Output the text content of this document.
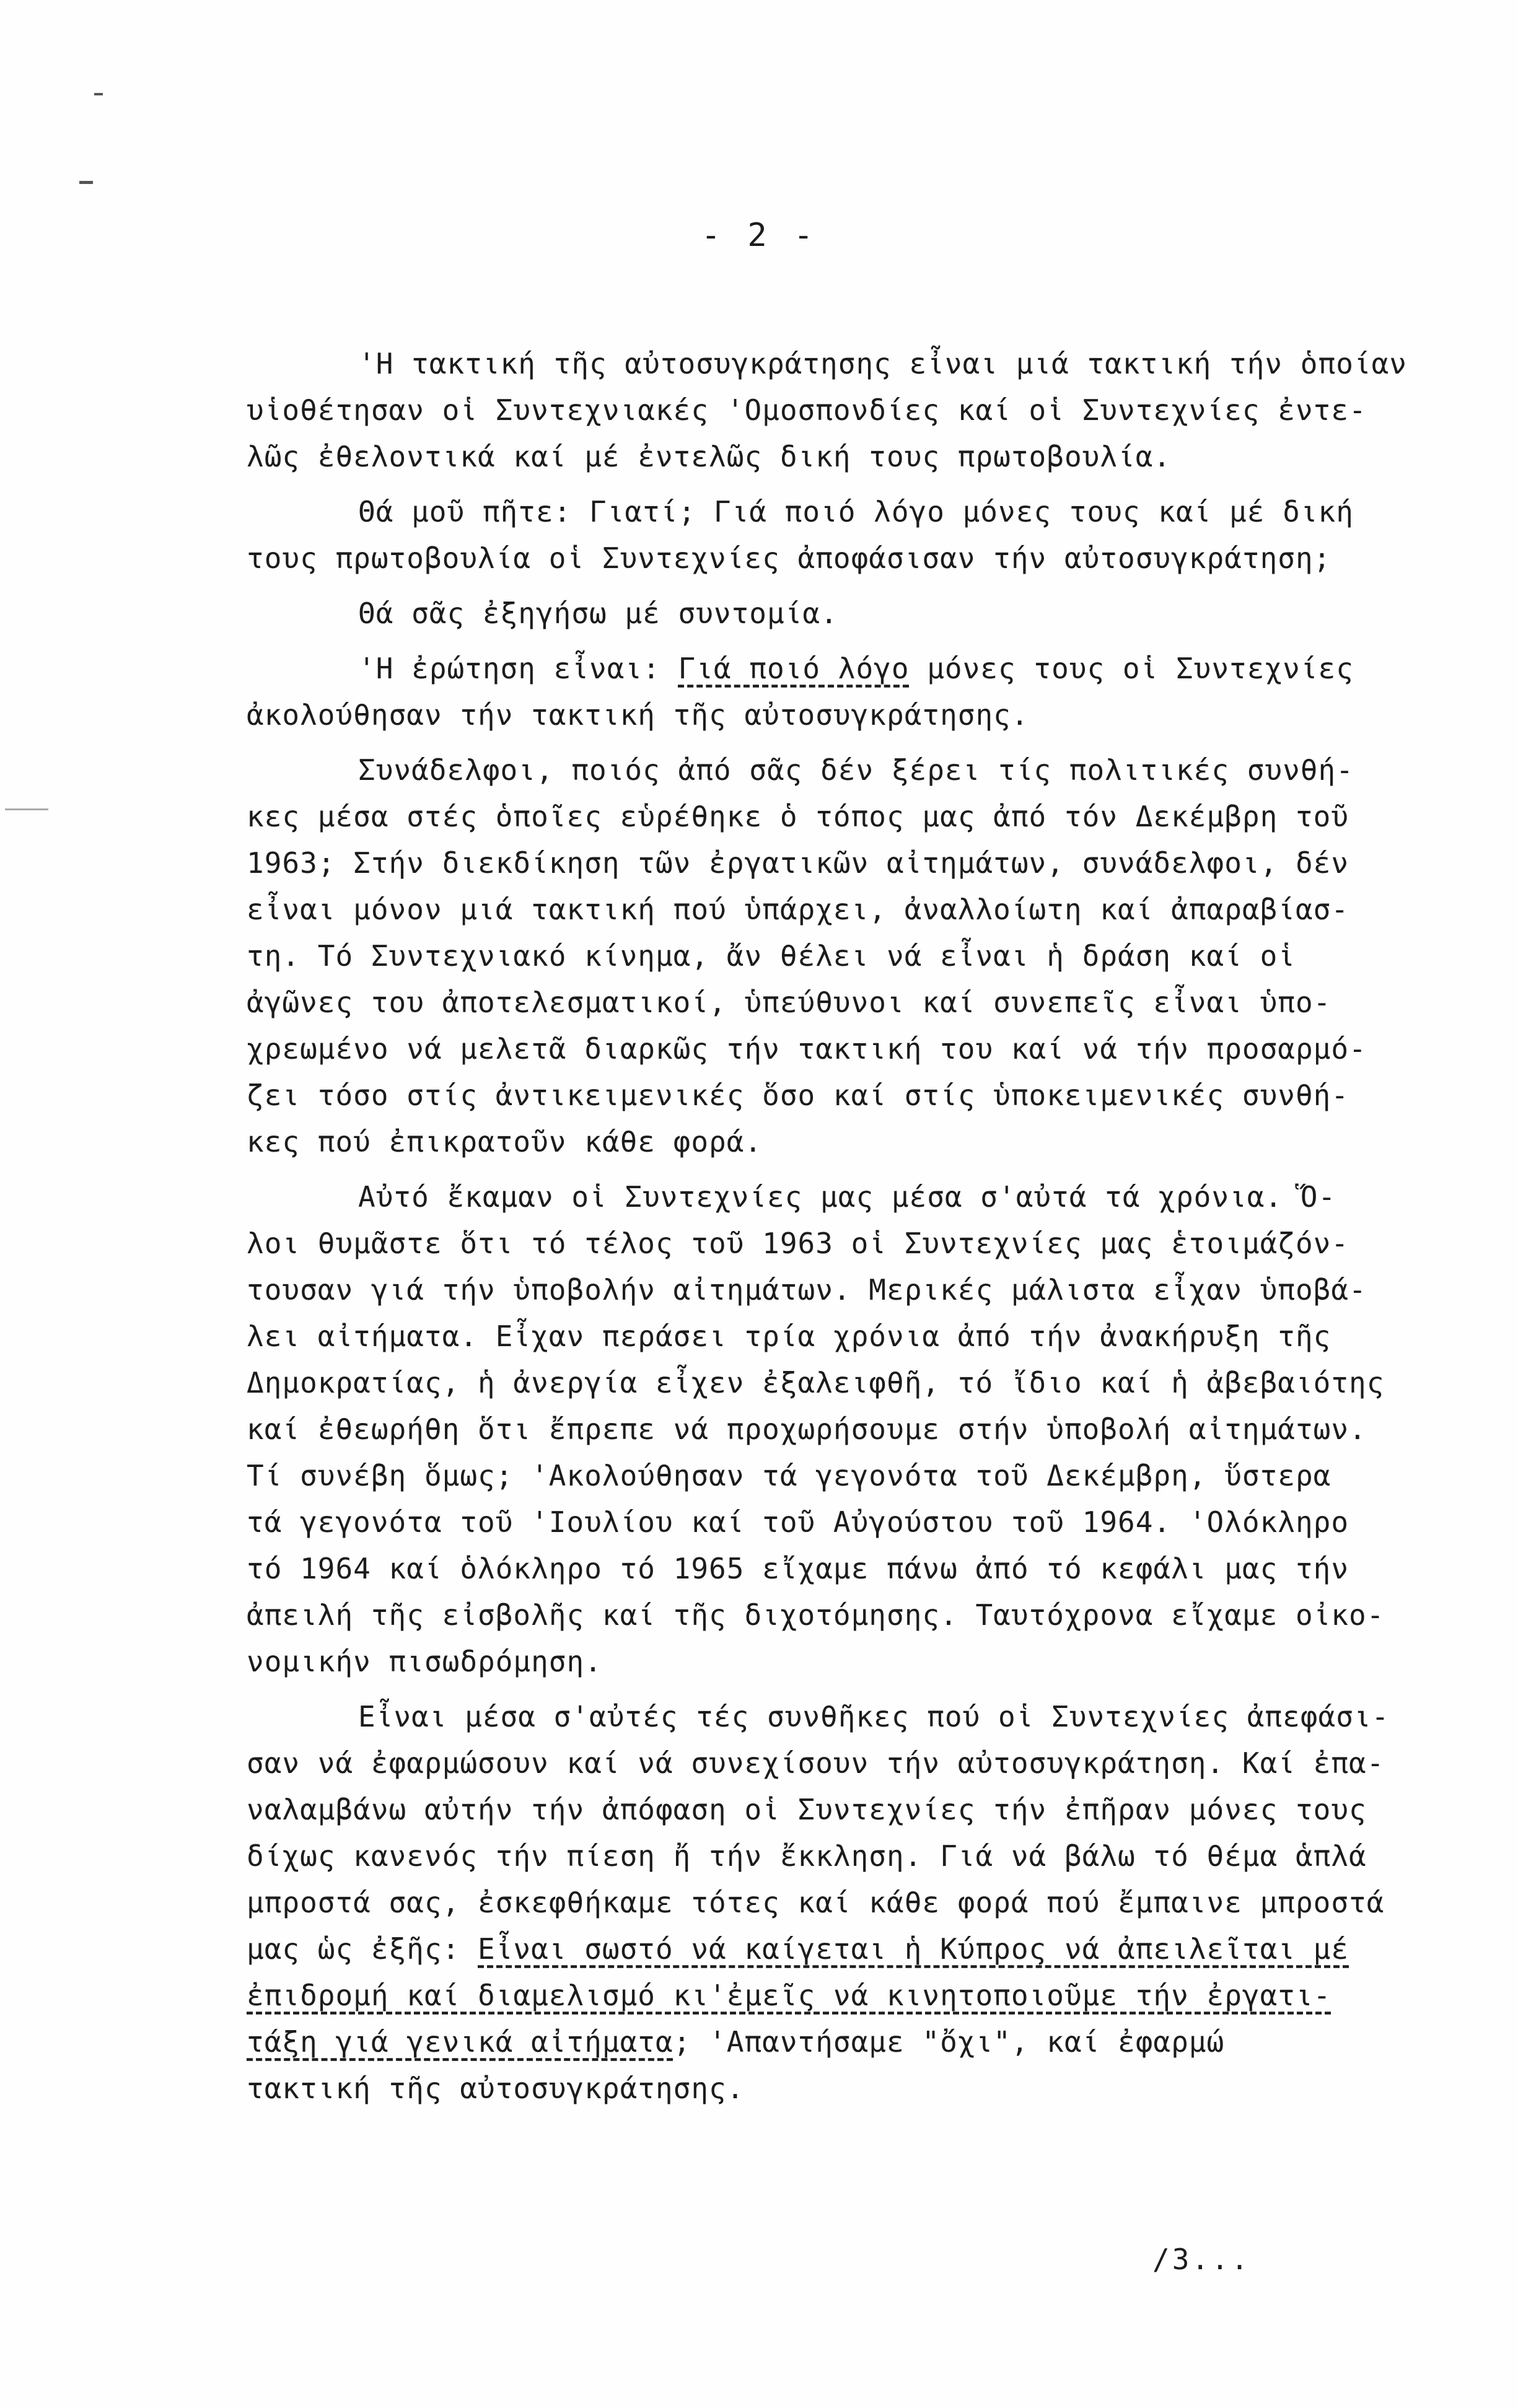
- 2 -
'Η τακτική τῆς αὐτοσυγκράτησης εἶναι μιά τακτική τήν ὁποίαν
υἱοθέτησαν οἱ Συντεχνιακές 'Ομοσπονδίες καί οἱ Συντεχνίες ἐντε-
λῶς ἐθελοντικά καί μέ ἐντελῶς δική τους πρωτοβουλία.
Θά μοῦ πῆτε: Γιατί; Γιά ποιό λόγο μόνες τους καί μέ δική
τους πρωτοβουλία οἱ Συντεχνίες ἀποφάσισαν τήν αὐτοσυγκράτηση;
Θά σᾶς ἐξηγήσω μέ συντομία.
'Η ἐρώτηση εἶναι: Γιά ποιό λόγο μόνες τους οἱ Συντεχνίες
ἀκολούθησαν τήν τακτική τῆς αὐτοσυγκράτησης.
Συνάδελφοι, ποιός ἀπό σᾶς δέν ξέρει τίς πολιτικές συνθή-
κες μέσα στές ὁποῖες εὑρέθηκε ὁ τόπος μας ἀπό τόν Δεκέμβρη τοῦ
1963; Στήν διεκδίκηση τῶν ἐργατικῶν αἰτημάτων, συνάδελφοι, δέν
εἶναι μόνον μιά τακτική πού ὑπάρχει, ἀναλλοίωτη καί ἀπαραβίασ-
τη. Τό Συντεχνιακό κίνημα, ἄν θέλει νά εἶναι ἡ δράση καί οἱ
ἀγῶνες του ἀποτελεσματικοί, ὑπεύθυνοι καί συνεπεῖς εἶναι ὑπο-
χρεωμένο νά μελετᾶ διαρκῶς τήν τακτική του καί νά τήν προσαρμό-
ζει τόσο στίς ἀντικειμενικές ὅσο καί στίς ὑποκειμενικές συνθή-
κες πού ἐπικρατοῦν κάθε φορά.
Αὐτό ἔκαμαν οἱ Συντεχνίες μας μέσα σ'αὐτά τά χρόνια. Ὅ-
λοι θυμᾶστε ὅτι τό τέλος τοῦ 1963 οἱ Συντεχνίες μας ἑτοιμάζόν-
τουσαν γιά τήν ὑποβολήν αἰτημάτων. Μερικές μάλιστα εἶχαν ὑποβά-
λει αἰτήματα. Εἶχαν περάσει τρία χρόνια ἀπό τήν ἀνακήρυξη τῆς
Δημοκρατίας, ἡ ἀνεργία εἶχεν ἐξαλειφθῆ, τό ἴδιο καί ἡ ἀβεβαιότης
καί ἐθεωρήθη ὅτι ἔπρεπε νά προχωρήσουμε στήν ὑποβολή αἰτημάτων.
Τί συνέβη ὅμως; 'Ακολούθησαν τά γεγονότα τοῦ Δεκέμβρη, ὕστερα
τά γεγονότα τοῦ 'Ιουλίου καί τοῦ Αὐγούστου τοῦ 1964. 'Ολόκληρο
τό 1964 καί ὁλόκληρο τό 1965 εἴχαμε πάνω ἀπό τό κεφάλι μας τήν
ἀπειλή τῆς εἰσβολῆς καί τῆς διχοτόμησης. Ταυτόχρονα εἴχαμε οἰκο-
νομικήν πισωδρόμηση.
Εἶναι μέσα σ'αὐτές τές συνθῆκες πού οἱ Συντεχνίες ἀπεφάσι-
σαν νά ἐφαρμώσουν καί νά συνεχίσουν τήν αὐτοσυγκράτηση. Καί ἐπα-
ναλαμβάνω αὐτήν τήν ἀπόφαση οἱ Συντεχνίες τήν ἐπῆραν μόνες τους
δίχως κανενός τήν πίεση ἤ τήν ἔκκληση. Γιά νά βάλω τό θέμα ἁπλά
μπροστά σας, ἐσκεφθήκαμε τότες καί κάθε φορά πού ἔμπαινε μπροστά
μας ὡς ἐξῆς: Εἶναι σωστό νά καίγεται ἡ Κύπρος νά ἀπειλεῖται μέ
ἐπιδρομή καί διαμελισμό κι'ἐμεῖς νά κινητοποιοῦμε τήν ἐργατι-
τάξη γιά γενικά αἰτήματα; 'Απαντήσαμε "ὄχι", καί ἐφαρμώ
τακτική τῆς αὐτοσυγκράτησης.
/3...
